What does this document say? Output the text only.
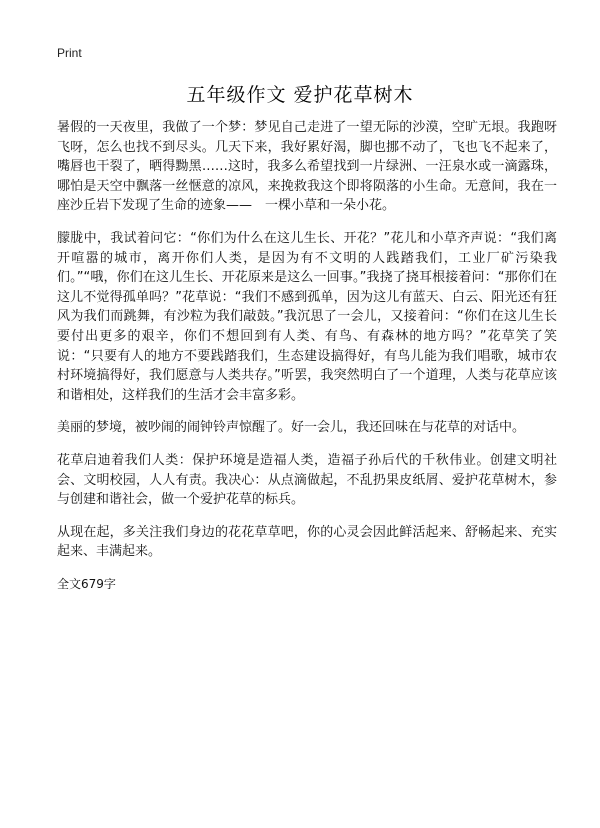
Print
五年级作文 爱护花草树木

暑假的一天夜里，我做了一个梦：梦见自己走进了一望无际的沙漠，空旷无垠。我跑呀飞呀，怎么也找不到尽头。几天下来，我好累好渴，脚也挪不动了，飞也飞不起来了，嘴唇也干裂了，晒得黝黑……这时，我多么希望找到一片绿洲、一汪泉水或一滴露珠，哪怕是天空中飘落一丝惬意的凉风，来挽救我这个即将陨落的小生命。无意间，我在一座沙丘岩下发现了生命的迹象——　一棵小草和一朵小花。

朦胧中，我试着问它：“你们为什么在这儿生长、开花？”花儿和小草齐声说：“我们离开喧嚣的城市，离开你们人类，是因为有不文明的人践踏我们，工业厂矿污染我们。”“哦，你们在这儿生长、开花原来是这么一回事。”我挠了挠耳根接着问：“那你们在这儿不觉得孤单吗？”花草说：“我们不感到孤单，因为这儿有蓝天、白云、阳光还有狂风为我们而跳舞，有沙粒为我们敲鼓。”我沉思了一会儿，又接着问：“你们在这儿生长要付出更多的艰辛，你们不想回到有人类、有鸟、有森林的地方吗？”花草笑了笑说：“只要有人的地方不要践踏我们，生态建设搞得好，有鸟儿能为我们唱歌，城市农村环境搞得好，我们愿意与人类共存。”听罢，我突然明白了一个道理，人类与花草应该和谐相处，这样我们的生活才会丰富多彩。

美丽的梦境，被吵闹的闹钟铃声惊醒了。好一会儿，我还回味在与花草的对话中。

花草启迪着我们人类：保护环境是造福人类，造福子孙后代的千秋伟业。创建文明社会、文明校园，人人有责。我决心：从点滴做起，不乱扔果皮纸屑、爱护花草树木，参与创建和谐社会，做一个爱护花草的标兵。

从现在起，多关注我们身边的花花草草吧，你的心灵会因此鲜活起来、舒畅起来、充实起来、丰满起来。

全文679字
